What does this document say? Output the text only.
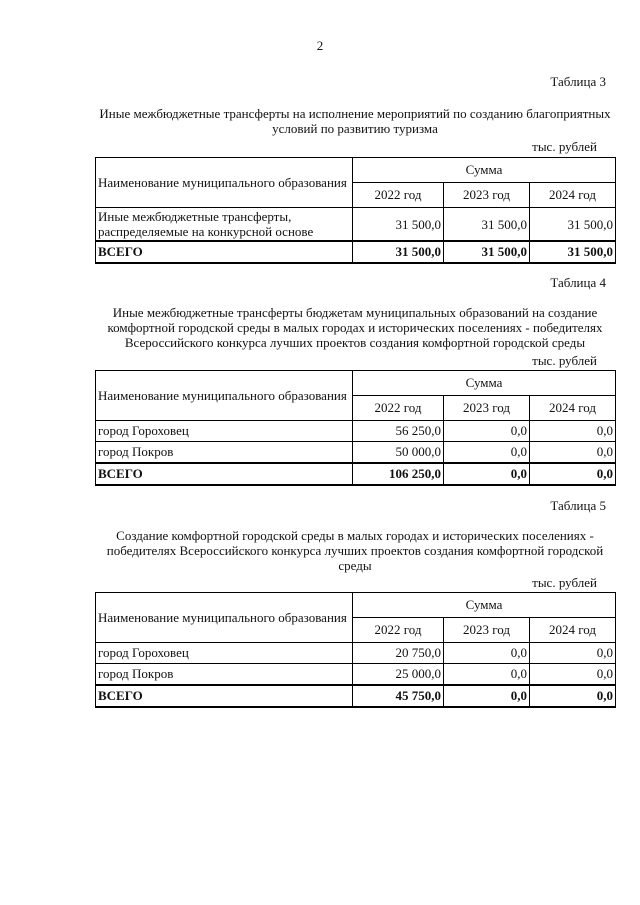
2
Таблица 3
Иные межбюджетные трансферты на исполнение мероприятий по созданию благоприятных условий по развитию туризма
тыс. рублей
Наименование муниципального образования	Сумма		
	2022 год	2023 год	2024 год
Иные межбюджетные трансферты, распределяемые на конкурсной основе	31 500,0	31 500,0	31 500,0
ВСЕГО	31 500,0	31 500,0	31 500,0
Таблица 4
Иные межбюджетные трансферты бюджетам муниципальных образований на создание комфортной городской среды в малых городах и исторических поселениях - победителях Всероссийского конкурса лучших проектов создания комфортной городской среды
тыс. рублей
Наименование муниципального образования	Сумма		
	2022 год	2023 год	2024 год
город Гороховец	56 250,0	0,0	0,0
город Покров	50 000,0	0,0	0,0
ВСЕГО	106 250,0	0,0	0,0
Таблица 5
Создание комфортной городской среды в малых городах и исторических поселениях - победителях Всероссийского конкурса лучших проектов создания комфортной городской среды
тыс. рублей
Наименование муниципального образования	Сумма		
	2022 год	2023 год	2024 год
город Гороховец	20 750,0	0,0	0,0
город Покров	25 000,0	0,0	0,0
ВСЕГО	45 750,0	0,0	0,0
